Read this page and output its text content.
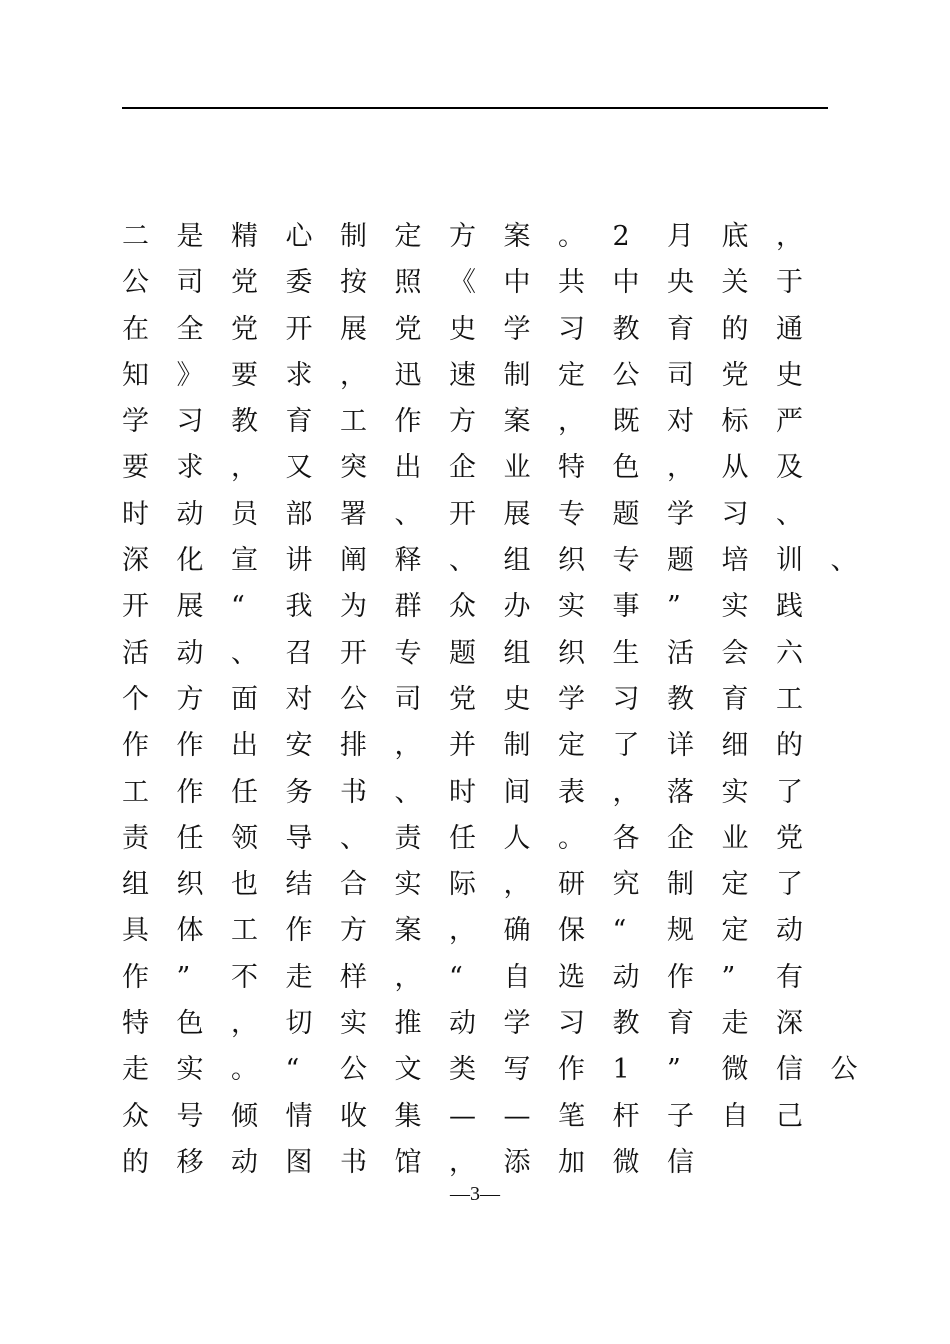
二 是 精 心 制 定 方 案 。 2 月 底 ，
公 司 党 委 按 照 《 中 共 中 央 关 于
在 全 党 开 展 党 史 学 习 教 育 的 通
知 》 要 求 ， 迅 速 制 定 公 司 党 史
学 习 教 育 工 作 方 案 ， 既 对 标 严
要 求 ， 又 突 出 企 业 特 色 ， 从 及
时 动 员 部 署 、 开 展 专 题 学 习 、
深 化 宣 讲 阐 释 、 组 织 专 题 培 训 、
开 展 “ 我 为 群 众 办 实 事 ” 实 践
活 动 、 召 开 专 题 组 织 生 活 会 六
个 方 面 对 公 司 党 史 学 习 教 育 工
作 作 出 安 排 ， 并 制 定 了 详 细 的
工 作 任 务 书 、 时 间 表 ， 落 实 了
责 任 领 导 、 责 任 人 。 各 企 业 党
组 织 也 结 合 实 际 ， 研 究 制 定 了
具 体 工 作 方 案 ， 确 保 “ 规 定 动
作 ” 不 走 样 ， “ 自 选 动 作 ” 有
特 色 ， 切 实 推 动 学 习 教 育 走 深
走 实 。 “ 公 文 类 写 作 1 ” 微 信 公
众 号 倾 情 收 集 — — 笔 杆 子 自 己
的 移 动 图 书 馆 ， 添 加 微 信
—3—
